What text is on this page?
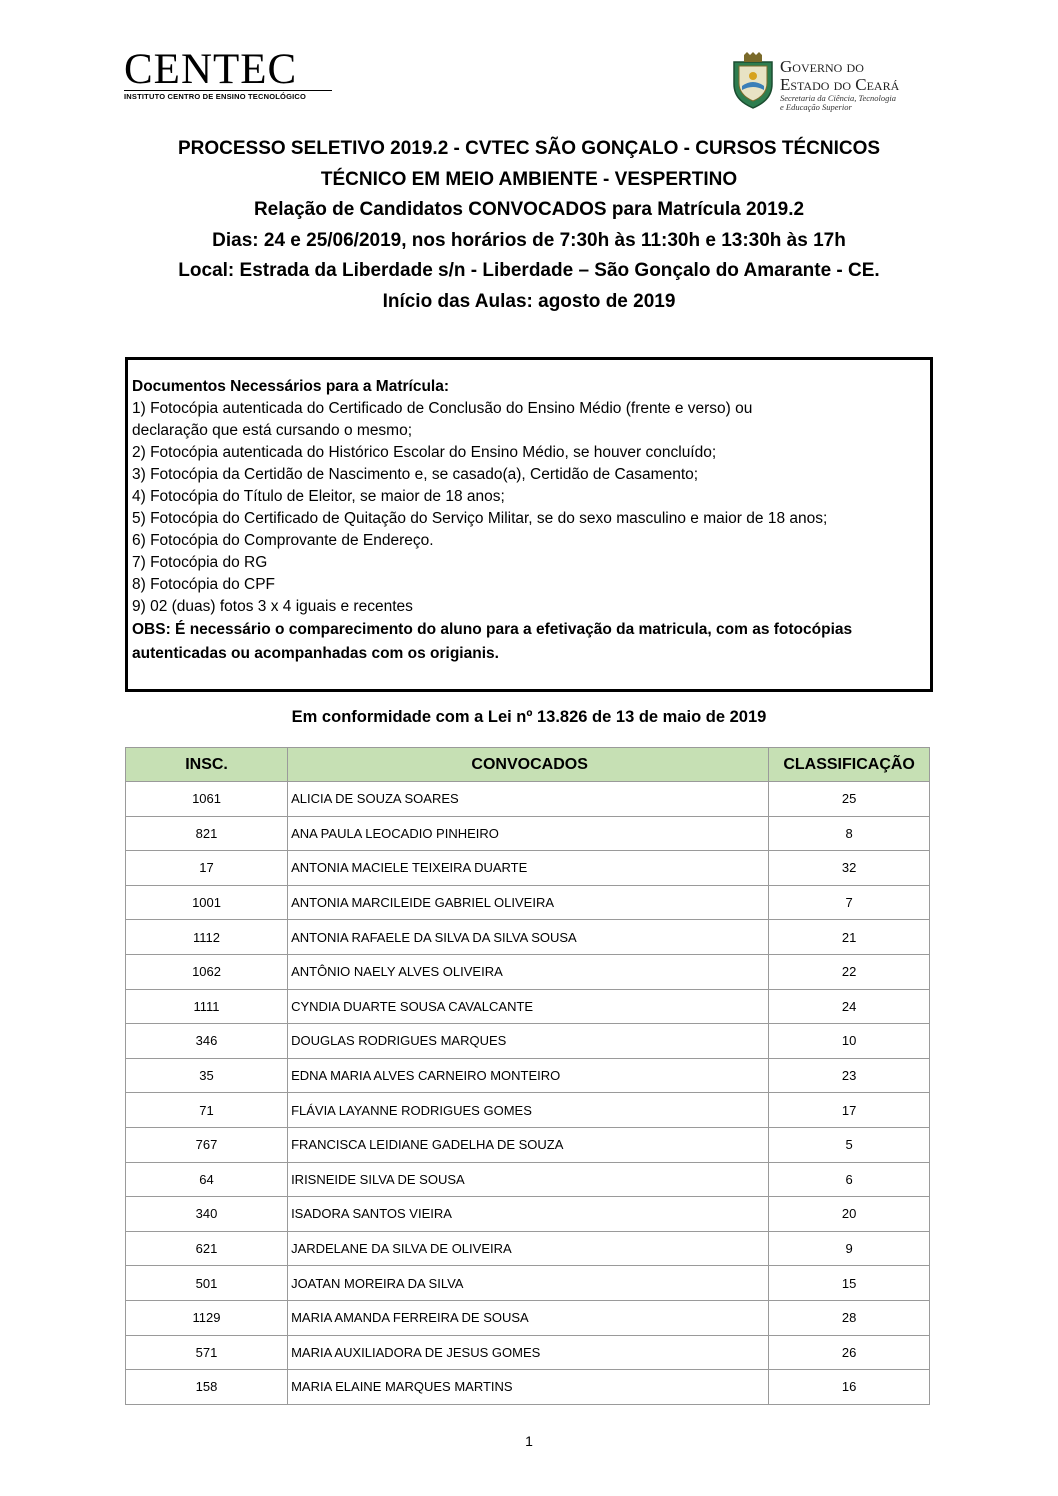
CENTEC
INSTITUTO CENTRO DE ENSINO TECNOLÓGICO
Governo do
Estado do Ceará
Secretaria da Ciência, Tecnologia
e Educação Superior
PROCESSO SELETIVO 2019.2 - CVTEC SÃO GONÇALO - CURSOS TÉCNICOS
TÉCNICO EM MEIO AMBIENTE - VESPERTINO
Relação de Candidatos CONVOCADOS para Matrícula 2019.2
Dias: 24 e 25/06/2019, nos horários de 7:30h às 11:30h e 13:30h às 17h
Local: Estrada da Liberdade s/n - Liberdade – São Gonçalo do Amarante - CE.
Início das Aulas: agosto de 2019
Documentos Necessários para a Matrícula:
1) Fotocópia autenticada do Certificado de Conclusão do Ensino Médio (frente e verso) ou
declaração que está cursando o mesmo;
2) Fotocópia autenticada do Histórico Escolar do Ensino Médio, se houver concluído;
3) Fotocópia da Certidão de Nascimento e, se casado(a), Certidão de Casamento;
4) Fotocópia do Título de Eleitor, se maior de 18 anos;
5) Fotocópia do Certificado de Quitação do Serviço Militar, se do sexo masculino e maior de 18 anos;
6) Fotocópia do Comprovante de Endereço.
7) Fotocópia do RG
8) Fotocópia do CPF
9) 02 (duas) fotos 3 x 4 iguais e recentes
OBS: É necessário o comparecimento do aluno para a efetivação da matricula, com as fotocópias
autenticadas ou acompanhadas com os origianis.
Em conformidade com a Lei nº 13.826 de 13 de maio de 2019
INSC.	CONVOCADOS	CLASSIFICAÇÃO
1061	ALICIA DE SOUZA SOARES	25
821	ANA PAULA LEOCADIO PINHEIRO	8
17	ANTONIA MACIELE TEIXEIRA DUARTE	32
1001	ANTONIA MARCILEIDE GABRIEL OLIVEIRA	7
1112	ANTONIA RAFAELE DA SILVA DA SILVA SOUSA	21
1062	ANTÔNIO NAELY ALVES OLIVEIRA	22
1111	CYNDIA DUARTE SOUSA CAVALCANTE	24
346	DOUGLAS RODRIGUES MARQUES	10
35	EDNA MARIA ALVES CARNEIRO MONTEIRO	23
71	FLÁVIA LAYANNE RODRIGUES GOMES	17
767	FRANCISCA LEIDIANE GADELHA DE SOUZA	5
64	IRISNEIDE SILVA DE SOUSA	6
340	ISADORA SANTOS VIEIRA	20
621	JARDELANE DA SILVA DE OLIVEIRA	9
501	JOATAN MOREIRA DA SILVA	15
1129	MARIA AMANDA FERREIRA DE SOUSA	28
571	MARIA AUXILIADORA DE JESUS GOMES	26
158	MARIA ELAINE MARQUES MARTINS	16
1
